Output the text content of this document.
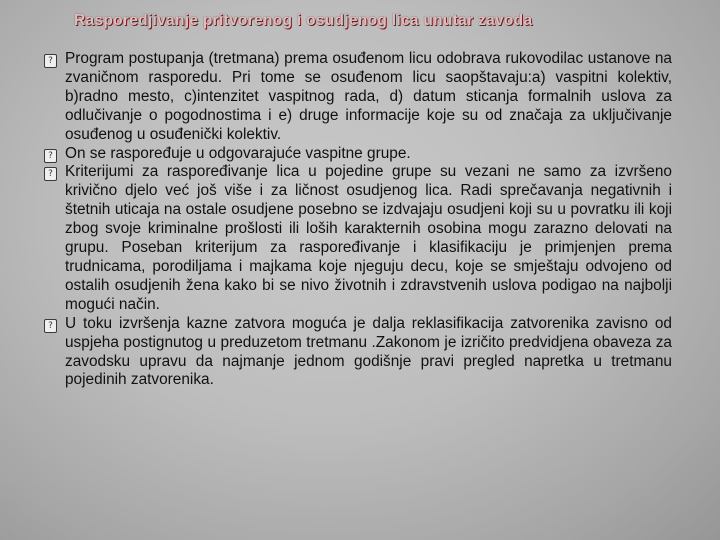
Rasporedjivanje pritvorenog i osudjenog lica unutar zavoda
? Program postupanja (tretmana) prema osuđenom licu odobrava rukovodilac ustanove na zvaničnom rasporedu. Pri tome se osuđenom licu saopštavaju:a) vaspitni kolektiv, b)radno mesto, c)intenzitet vaspitnog rada, d) datum sticanja formalnih uslova za odlučivanje o pogodnostima i e) druge informacije koje su od značaja za uključivanje osuđenog u osuđenički kolektiv.
? On se raspoređuje u odgovarajuće vaspitne grupe.
? Kriterijumi za raspoređivanje lica u pojedine grupe su vezani ne samo za izvršeno krivično djelo već još više i za ličnost osudjenog lica. Radi sprečavanja negativnih i štetnih uticaja na ostale osudjene posebno se izdvajaju osudjeni koji su u povratku ili koji zbog svoje kriminalne prošlosti ili loših karakternih osobina mogu zarazno delovati na grupu. Poseban kriterijum za raspoređivanje i klasifikaciju je primjenjen prema trudnicama, porodiljama i majkama koje njeguju decu, koje se smještaju odvojeno od ostalih osudjenih žena kako bi se nivo životnih i zdravstvenih uslova podigao na najbolji mogući način.
? U toku izvršenja kazne zatvora moguća je dalja reklasifikacija zatvorenika zavisno od uspjeha postignutog u preduzetom tretmanu .Zakonom je izričito predvidjena obaveza za zavodsku upravu da najmanje jednom godišnje pravi pregled napretka u tretmanu pojedinih zatvorenika.
